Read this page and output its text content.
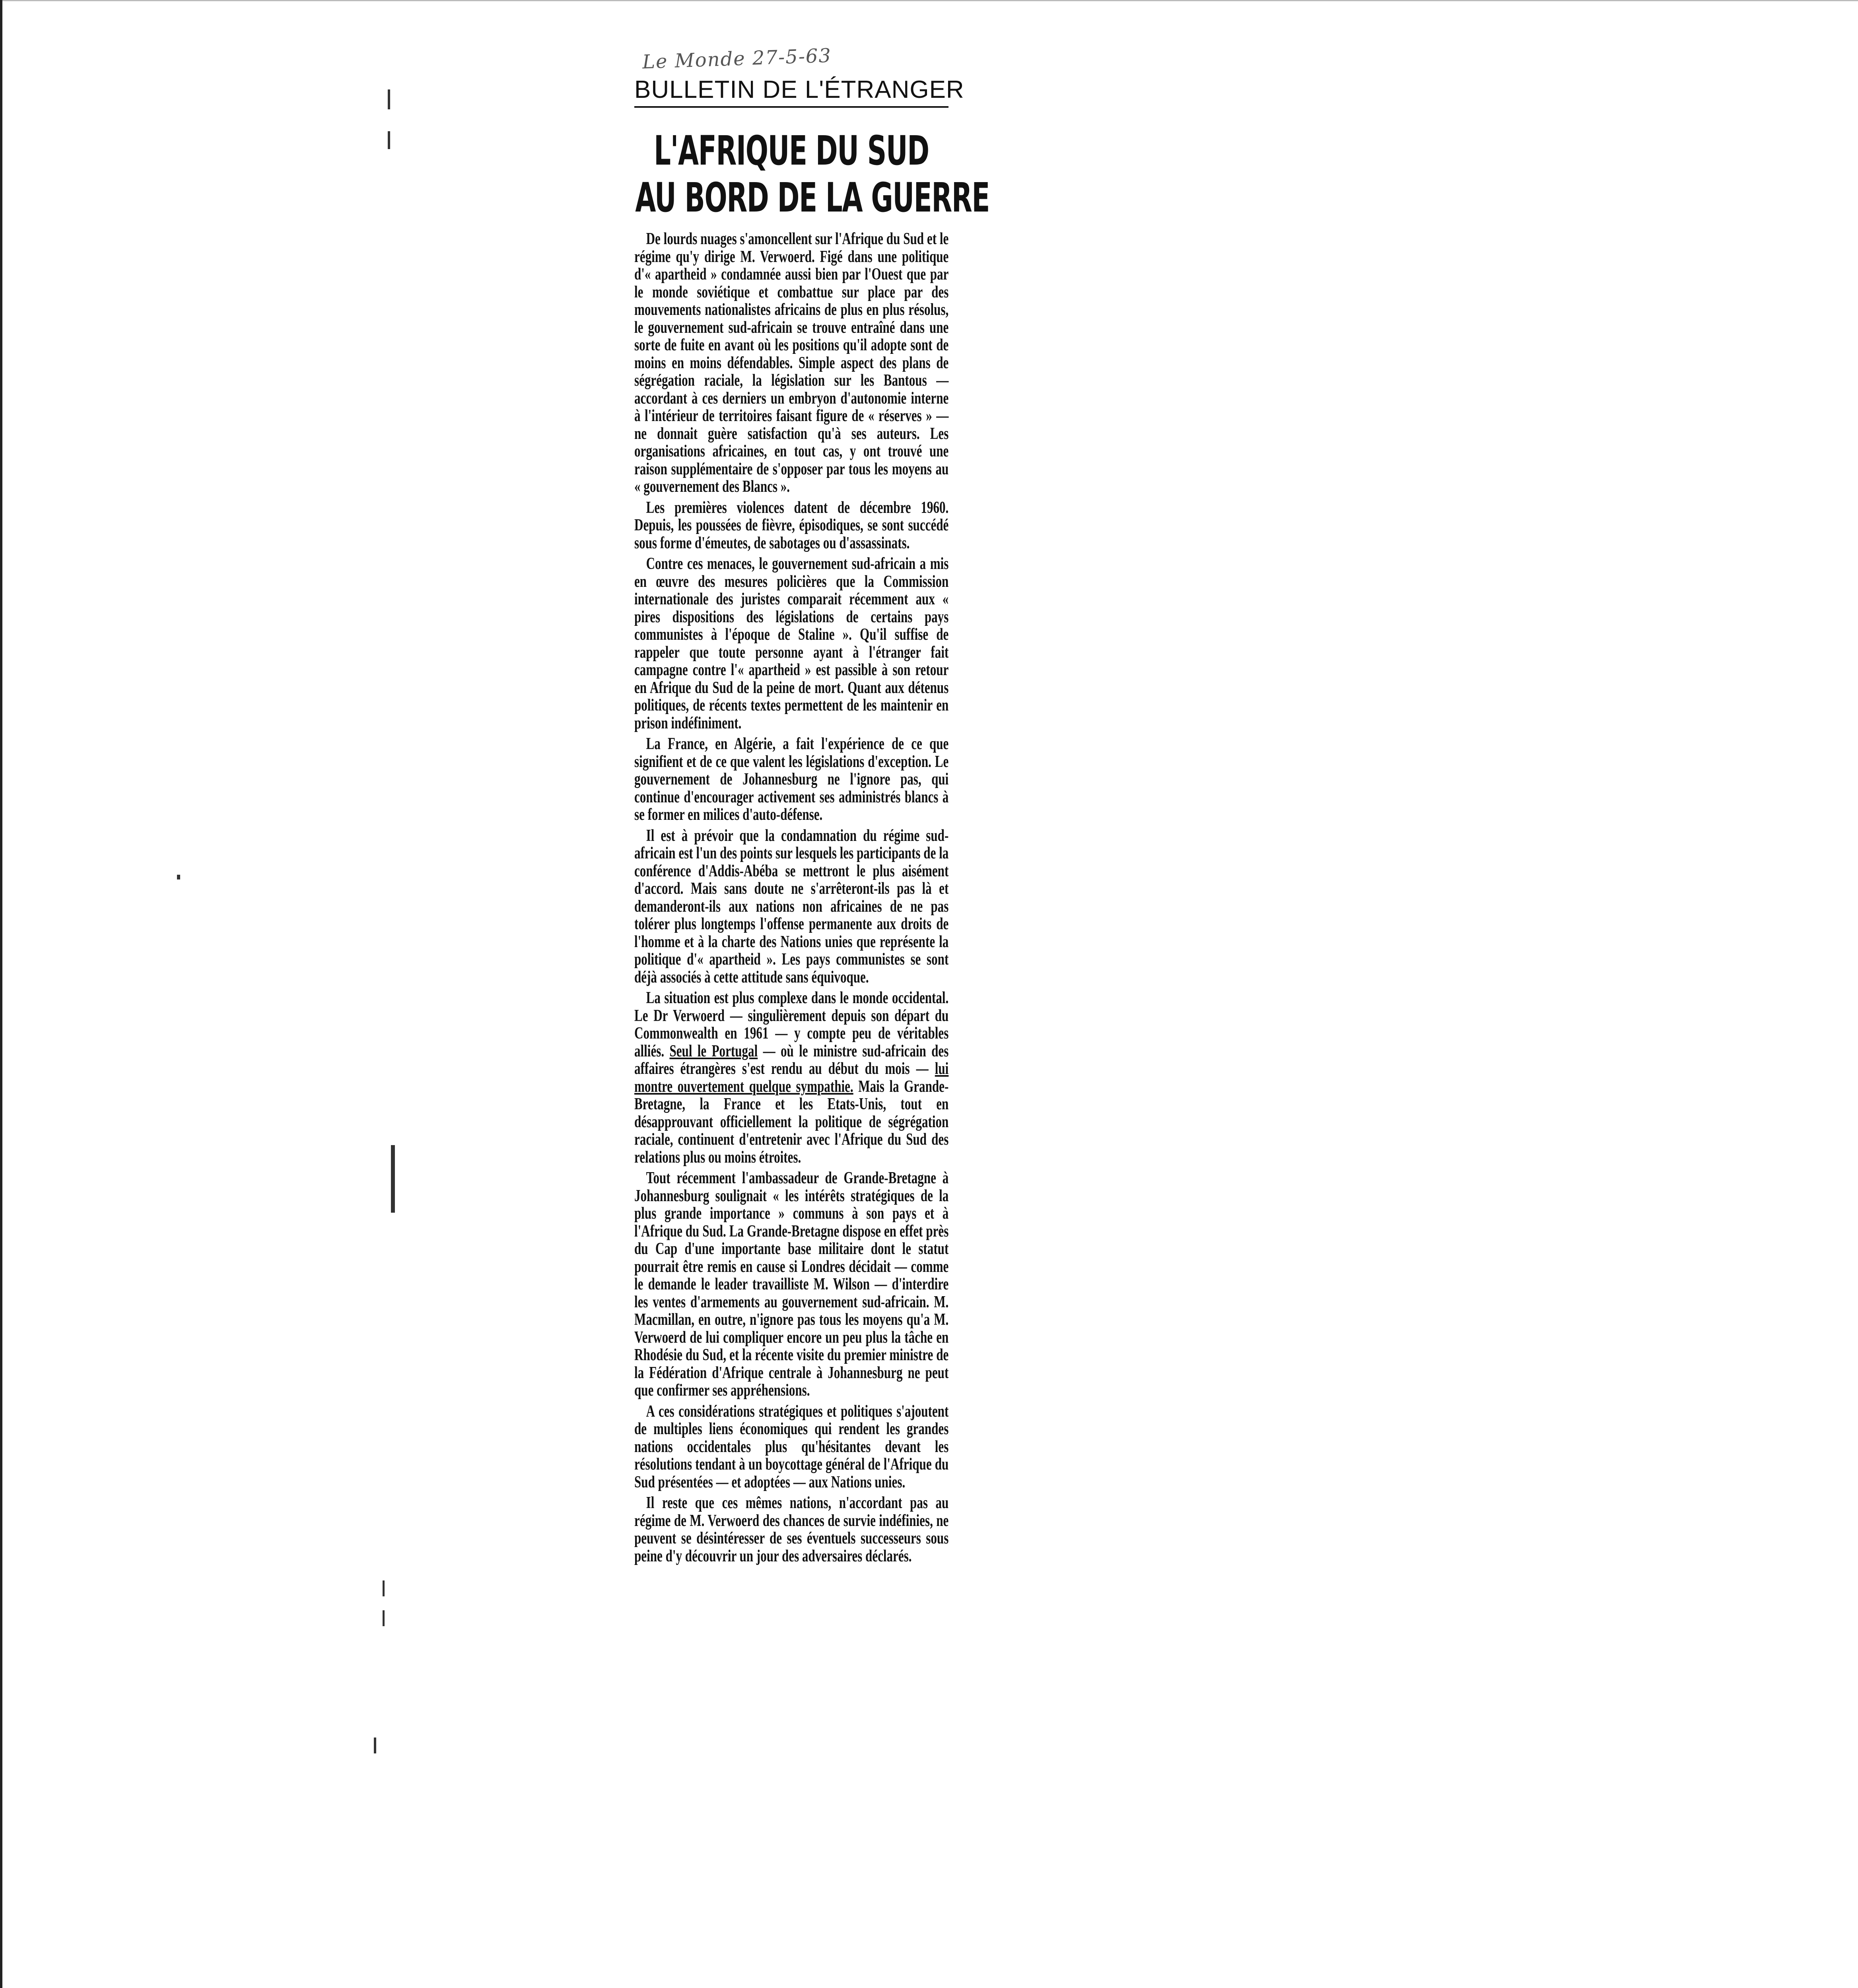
Le Monde 27-5-63
BULLETIN DE L'ÉTRANGER
L'AFRIQUE DU SUD
AU BORD DE LA GUERRE

De lourds nuages s'amoncellent sur l'Afrique du Sud et le régime qu'y dirige M. Verwoerd. Figé dans une politique d'« apartheid » condamnée aussi bien par l'Ouest que par le monde soviétique et combattue sur place par des mouvements nationalistes africains de plus en plus résolus, le gouvernement sud-africain se trouve entraîné dans une sorte de fuite en avant où les positions qu'il adopte sont de moins en moins défendables. Simple aspect des plans de ségrégation raciale, la législation sur les Bantous — accordant à ces derniers un embryon d'autonomie interne à l'intérieur de territoires faisant figure de « réserves » — ne donnait guère satisfaction qu'à ses auteurs. Les organisations africaines, en tout cas, y ont trouvé une raison supplémentaire de s'opposer par tous les moyens au « gouvernement des Blancs ».

Les premières violences datent de décembre 1960. Depuis, les poussées de fièvre, épisodiques, se sont succédé sous forme d'émeutes, de sabotages ou d'assassinats.

Contre ces menaces, le gouvernement sud-africain a mis en œuvre des mesures policières que la Commission internationale des juristes comparait récemment aux « pires dispositions des législations de certains pays communistes à l'époque de Staline ». Qu'il suffise de rappeler que toute personne ayant à l'étranger fait campagne contre l'« apartheid » est passible à son retour en Afrique du Sud de la peine de mort. Quant aux détenus politiques, de récents textes permettent de les maintenir en prison indéfiniment.

La France, en Algérie, a fait l'expérience de ce que signifient et de ce que valent les législations d'exception. Le gouvernement de Johannesburg ne l'ignore pas, qui continue d'encourager activement ses administrés blancs à se former en milices d'auto-défense.

Il est à prévoir que la condamnation du régime sud-africain est l'un des points sur lesquels les participants de la conférence d'Addis-Abéba se mettront le plus aisément d'accord. Mais sans doute ne s'arrêteront-ils pas là et demanderont-ils aux nations non africaines de ne pas tolérer plus longtemps l'offense permanente aux droits de l'homme et à la charte des Nations unies que représente la politique d'« apartheid ». Les pays communistes se sont déjà associés à cette attitude sans équivoque.

La situation est plus complexe dans le monde occidental. Le Dr Verwoerd — singulièrement depuis son départ du Commonwealth en 1961 — y compte peu de véritables alliés. Seul le Portugal — où le ministre sud-africain des affaires étrangères s'est rendu au début du mois — lui montre ouvertement quelque sympathie. Mais la Grande-Bretagne, la France et les Etats-Unis, tout en désapprouvant officiellement la politique de ségrégation raciale, continuent d'entretenir avec l'Afrique du Sud des relations plus ou moins étroites.

Tout récemment l'ambassadeur de Grande-Bretagne à Johannesburg soulignait « les intérêts stratégiques de la plus grande importance » communs à son pays et à l'Afrique du Sud. La Grande-Bretagne dispose en effet près du Cap d'une importante base militaire dont le statut pourrait être remis en cause si Londres décidait — comme le demande le leader travailliste M. Wilson — d'interdire les ventes d'armements au gouvernement sud-africain. M. Macmillan, en outre, n'ignore pas tous les moyens qu'a M. Verwoerd de lui compliquer encore un peu plus la tâche en Rhodésie du Sud, et la récente visite du premier ministre de la Fédération d'Afrique centrale à Johannesburg ne peut que confirmer ses appréhensions.

A ces considérations stratégiques et politiques s'ajoutent de multiples liens économiques qui rendent les grandes nations occidentales plus qu'hésitantes devant les résolutions tendant à un boycottage général de l'Afrique du Sud présentées — et adoptées — aux Nations unies.

Il reste que ces mêmes nations, n'accordant pas au régime de M. Verwoerd des chances de survie indéfinies, ne peuvent se désintéresser de ses éventuels successeurs sous peine d'y découvrir un jour des adversaires déclarés.
